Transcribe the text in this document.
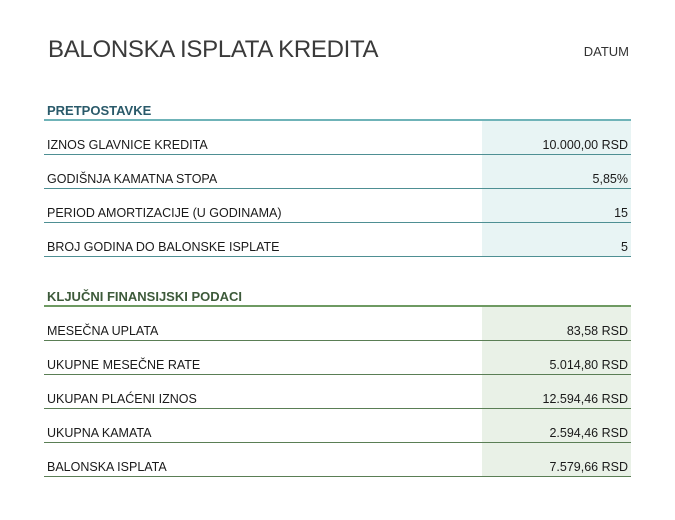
BALONSKA ISPLATA KREDITA	DATUM
PRETPOSTAVKE
IZNOS GLAVNICE KREDITA	10.000,00 RSD
GODIŠNJA KAMATNA STOPA	5,85%
PERIOD AMORTIZACIJE (U GODINAMA)	15
BROJ GODINA DO BALONSKE ISPLATE	5
KLJUČNI FINANSIJSKI PODACI
MESEČNA UPLATA	83,58 RSD
UKUPNE MESEČNE RATE	5.014,80 RSD
UKUPAN PLAĆENI IZNOS	12.594,46 RSD
UKUPNA KAMATA	2.594,46 RSD
BALONSKA ISPLATA	7.579,66 RSD
